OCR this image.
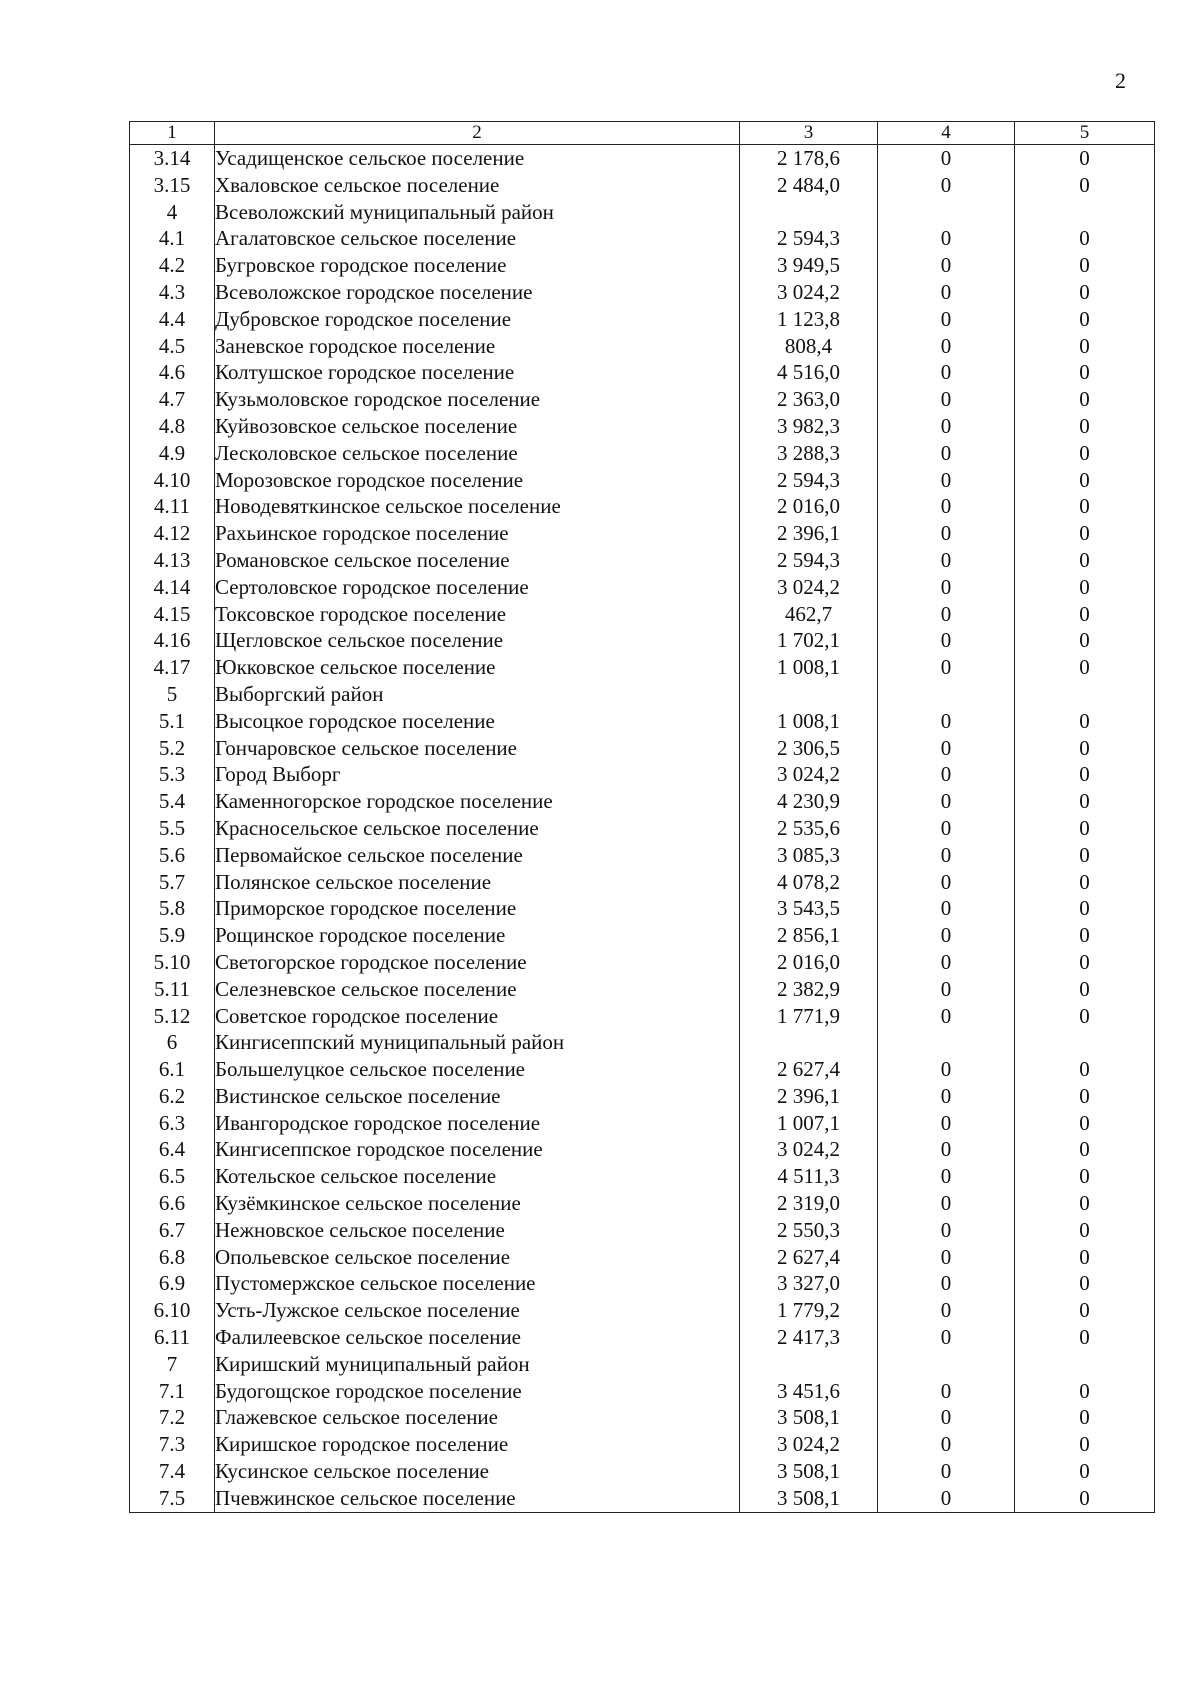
2
1	2	3	4	5
3.14	Усадищенское сельское поселение	2 178,6	0	0
3.15	Хваловское сельское поселение	2 484,0	0	0
4	Всеволожский муниципальный район			
4.1	Агалатовское сельское поселение	2 594,3	0	0
4.2	Бугровское городское поселение	3 949,5	0	0
4.3	Всеволожское городское поселение	3 024,2	0	0
4.4	Дубровское городское поселение	1 123,8	0	0
4.5	Заневское городское поселение	808,4	0	0
4.6	Колтушское городское поселение	4 516,0	0	0
4.7	Кузьмоловское городское поселение	2 363,0	0	0
4.8	Куйвозовское сельское поселение	3 982,3	0	0
4.9	Лесколовское сельское поселение	3 288,3	0	0
4.10	Морозовское городское поселение	2 594,3	0	0
4.11	Новодевяткинское сельское поселение	2 016,0	0	0
4.12	Рахьинское городское поселение	2 396,1	0	0
4.13	Романовское сельское поселение	2 594,3	0	0
4.14	Сертоловское городское поселение	3 024,2	0	0
4.15	Токсовское городское поселение	462,7	0	0
4.16	Щегловское сельское поселение	1 702,1	0	0
4.17	Юкковское сельское поселение	1 008,1	0	0
5	Выборгский район			
5.1	Высоцкое городское поселение	1 008,1	0	0
5.2	Гончаровское сельское поселение	2 306,5	0	0
5.3	Город Выборг	3 024,2	0	0
5.4	Каменногорское городское поселение	4 230,9	0	0
5.5	Красносельское сельское поселение	2 535,6	0	0
5.6	Первомайское сельское поселение	3 085,3	0	0
5.7	Полянское сельское поселение	4 078,2	0	0
5.8	Приморское городское поселение	3 543,5	0	0
5.9	Рощинское городское поселение	2 856,1	0	0
5.10	Светогорское городское поселение	2 016,0	0	0
5.11	Селезневское сельское поселение	2 382,9	0	0
5.12	Советское городское поселение	1 771,9	0	0
6	Кингисеппский муниципальный район			
6.1	Большелуцкое сельское поселение	2 627,4	0	0
6.2	Вистинское сельское поселение	2 396,1	0	0
6.3	Ивангородское городское поселение	1 007,1	0	0
6.4	Кингисеппское городское поселение	3 024,2	0	0
6.5	Котельское сельское поселение	4 511,3	0	0
6.6	Кузёмкинское сельское поселение	2 319,0	0	0
6.7	Нежновское сельское поселение	2 550,3	0	0
6.8	Опольевское сельское поселение	2 627,4	0	0
6.9	Пустомержское сельское поселение	3 327,0	0	0
6.10	Усть-Лужское сельское поселение	1 779,2	0	0
6.11	Фалилеевское сельское поселение	2 417,3	0	0
7	Киришский муниципальный район			
7.1	Будогощское городское поселение	3 451,6	0	0
7.2	Глажевское сельское поселение	3 508,1	0	0
7.3	Киришское городское поселение	3 024,2	0	0
7.4	Кусинское сельское поселение	3 508,1	0	0
7.5	Пчевжинское сельское поселение	3 508,1	0	0
